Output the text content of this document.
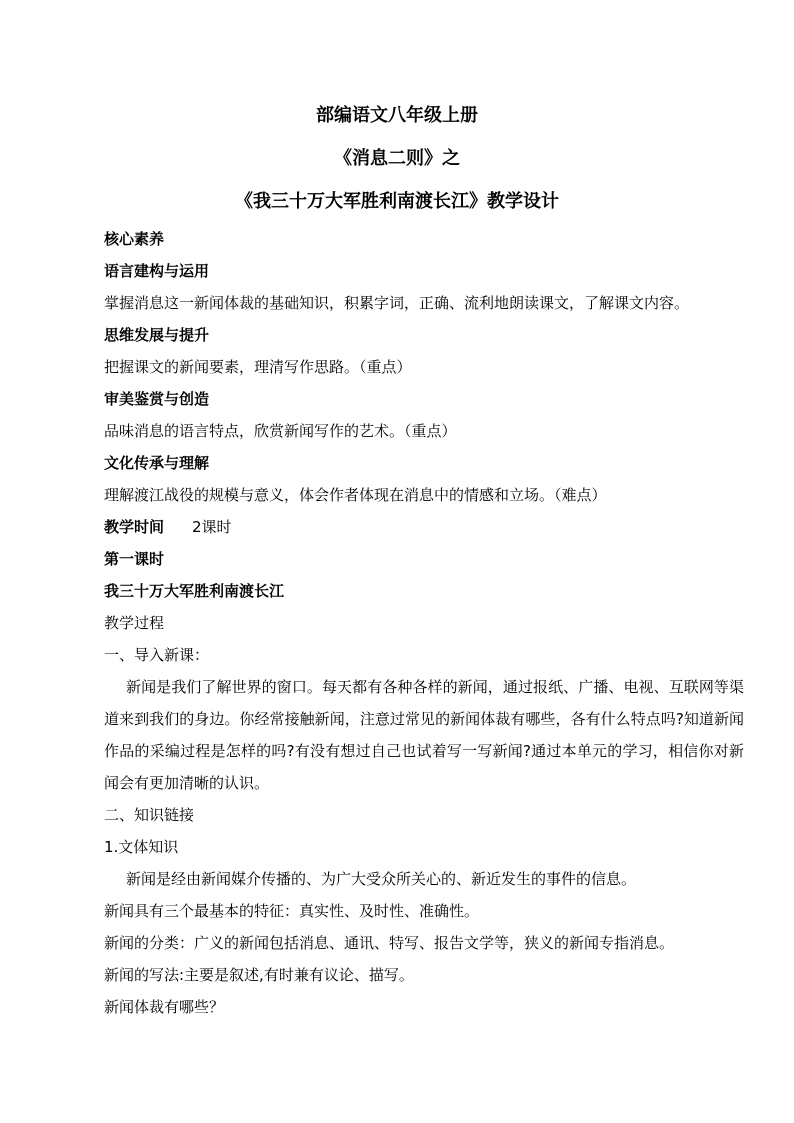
部编语文八年级上册
《消息二则》之
《我三十万大军胜利南渡长江》教学设计
核心素养
语言建构与运用
掌握消息这一新闻体裁的基础知识，积累字词，正确、流利地朗读课文，了解课文内容。
思维发展与提升
把握课文的新闻要素，理清写作思路。（重点）
审美鉴赏与创造
品味消息的语言特点，欣赏新闻写作的艺术。（重点）
文化传承与理解
理解渡江战役的规模与意义，体会作者体现在消息中的情感和立场。（难点）
教学时间 2课时
第一课时
我三十万大军胜利南渡长江
教学过程
一、导入新课：
新闻是我们了解世界的窗口。每天都有各种各样的新闻，通过报纸、广播、电视、互联网等渠道来到我们的身边。你经常接触新闻，注意过常见的新闻体裁有哪些，各有什么特点吗?知道新闻作品的采编过程是怎样的吗?有没有想过自己也试着写一写新闻?通过本单元的学习，相信你对新闻会有更加清晰的认识。
二、知识链接
1.文体知识
新闻是经由新闻媒介传播的、为广大受众所关心的、新近发生的事件的信息。
新闻具有三个最基本的特征：真实性、及时性、准确性。
新闻的分类：广义的新闻包括消息、通讯、特写、报告文学等，狭义的新闻专指消息。
新闻的写法:主要是叙述,有时兼有议论、描写。
新闻体裁有哪些？
